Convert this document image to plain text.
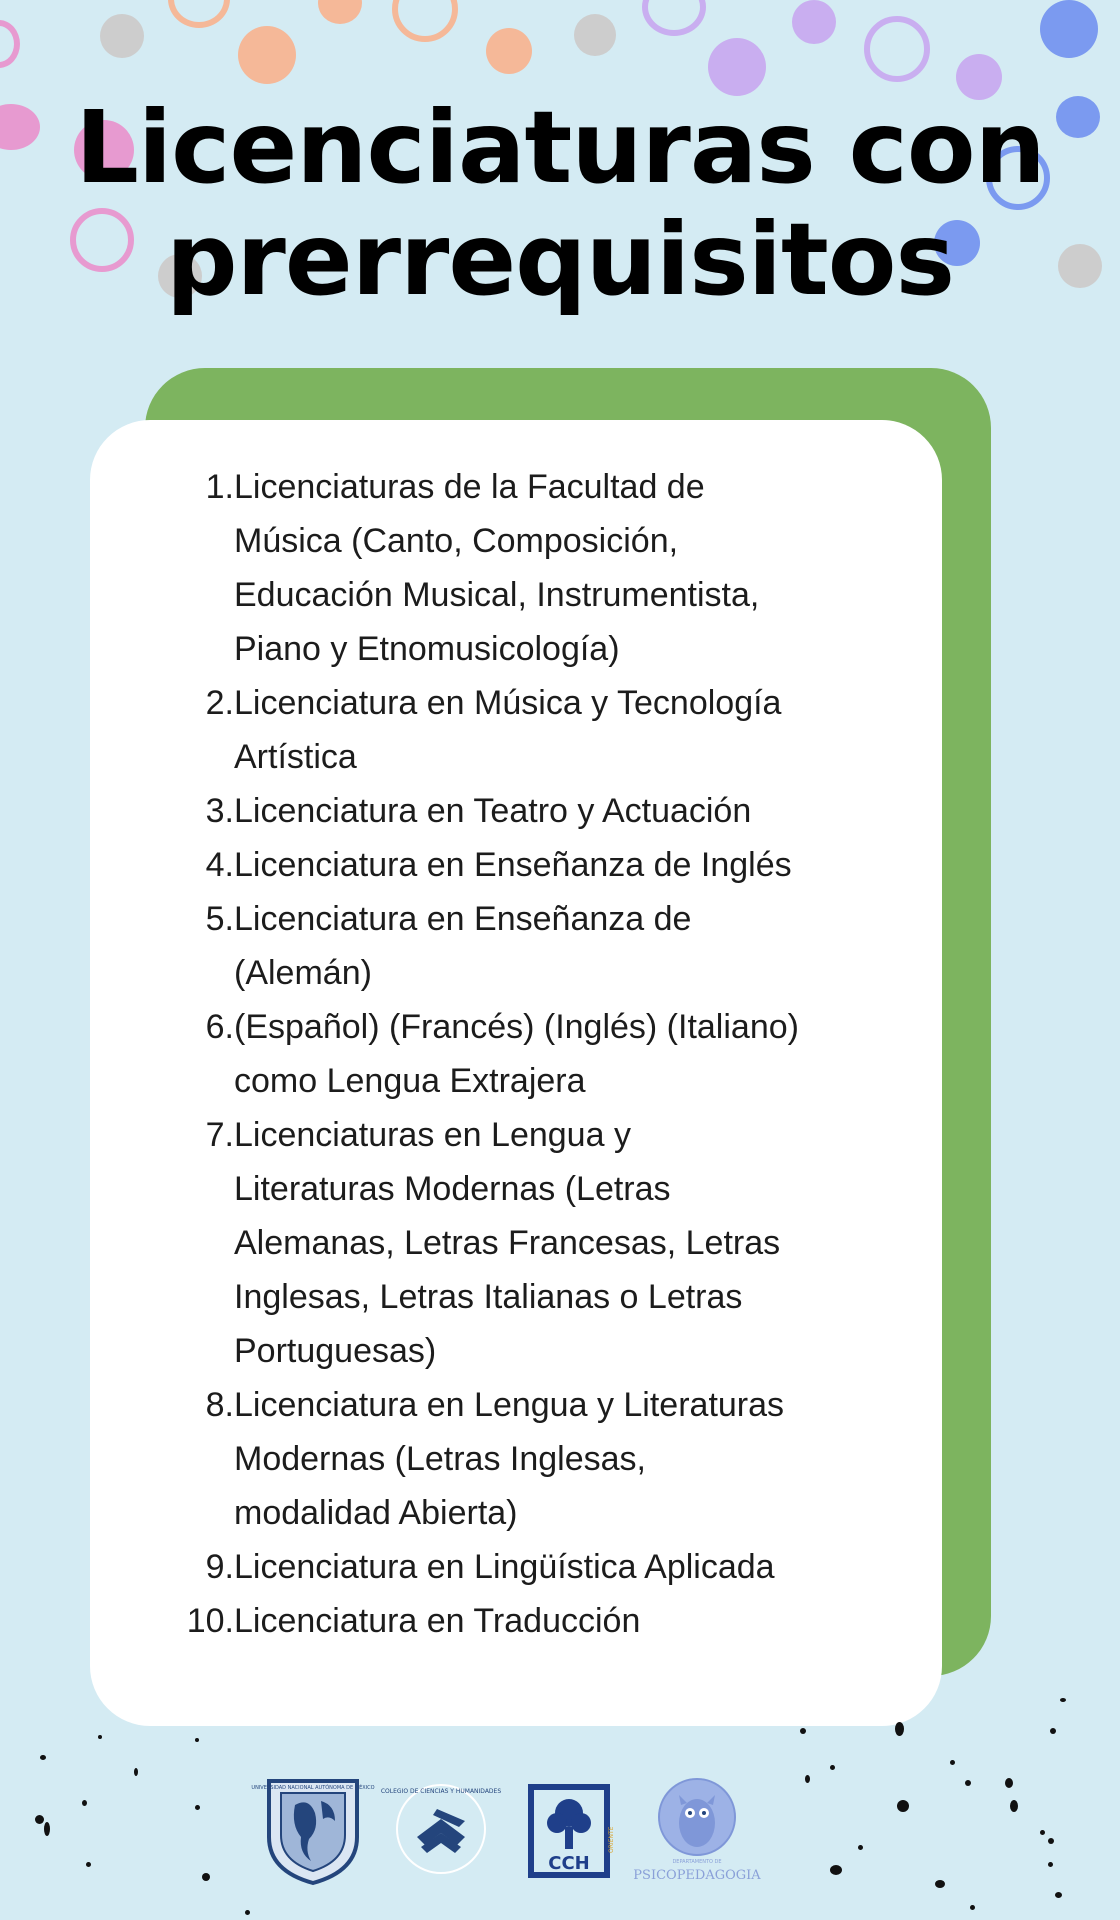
Licenciaturas con
prerrequisitos
1. Licenciaturas de la Facultad de
Música (Canto, Composición,
Educación Musical, Instrumentista,
Piano y Etnomusicología)
2. Licenciatura en Música y Tecnología
Artística
3. Licenciatura en Teatro y Actuación
4. Licenciatura en Enseñanza de Inglés
5. Licenciatura en Enseñanza de
(Alemán)
6. (Español) (Francés) (Inglés) (Italiano)
como Lengua Extrajera
7. Licenciaturas en Lengua y
Literaturas Modernas (Letras
Alemanas, Letras Francesas, Letras
Inglesas, Letras Italianas o Letras
Portuguesas)
8. Licenciatura en Lengua y Literaturas
Modernas (Letras Inglesas,
modalidad Abierta)
9. Licenciatura en Lingüística Aplicada
10. Licenciatura en Traducción
UNIVERSIDAD NACIONAL AUTÓNOMA DE MÉXICO COLEGIO DE CIENCIAS Y HUMANIDADES
CCH
ORIENTE
DEPARTAMENTO DE
PSICOPEDAGOGIA
